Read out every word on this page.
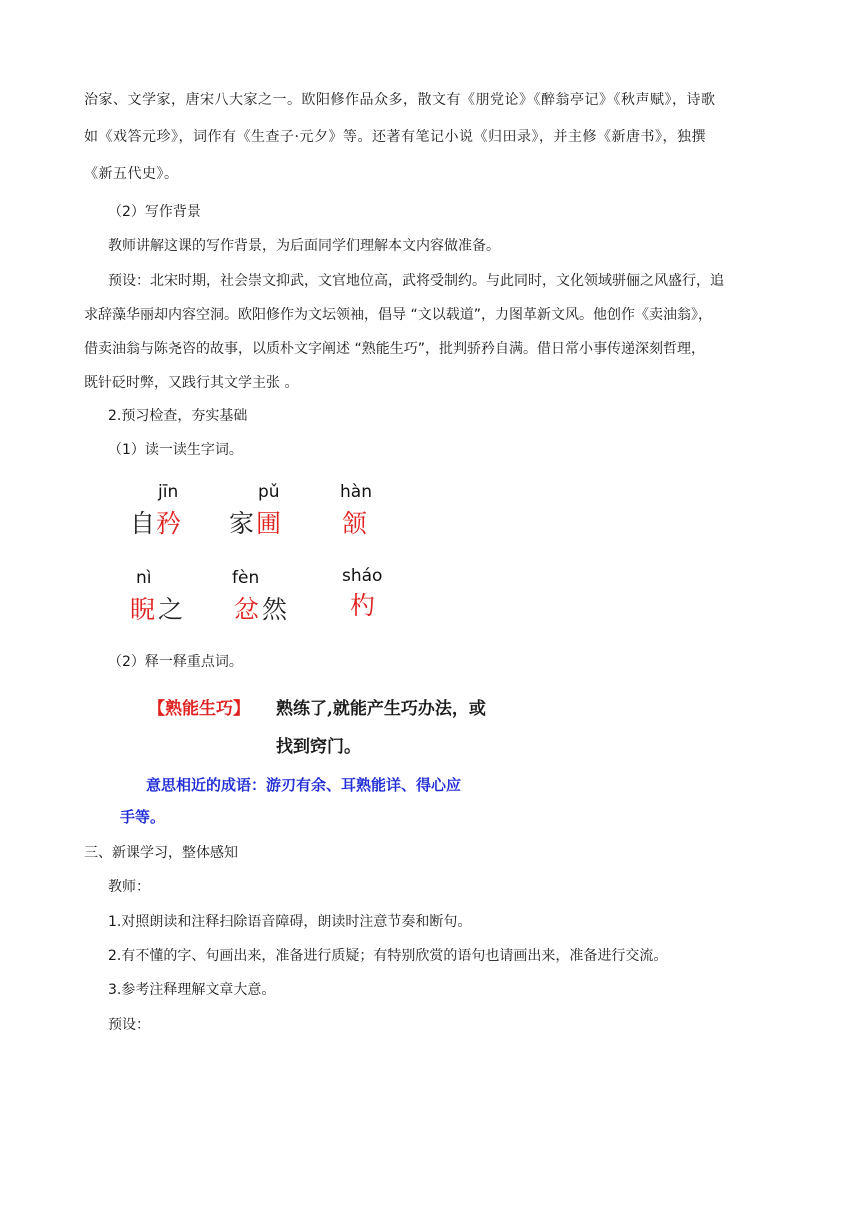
治家、文学家，唐宋八大家之一。欧阳修作品众多，散文有《朋党论》《醉翁亭记》《秋声赋》，诗歌
如《戏答元珍》，词作有《生查子·元夕》等。还著有笔记小说《归田录》，并主修《新唐书》，独撰
《新五代史》。
（2）写作背景
教师讲解这课的写作背景，为后面同学们理解本文内容做准备。
预设：北宋时期，社会崇文抑武，文官地位高，武将受制约。与此同时，文化领域骈俪之风盛行，追
求辞藻华丽却内容空洞。欧阳修作为文坛领袖，倡导 “文以载道”，力图革新文风。他创作《卖油翁》，
借卖油翁与陈尧咨的故事，以质朴文字阐述 “熟能生巧”，批判骄矜自满。借日常小事传递深刻哲理，
既针砭时弊，又践行其文学主张 。
2.预习检查，夯实基础
（1）读一读生字词。
jīn
自 矜
pǔ
家 圃
hàn
颔
nì
睨 之
fèn
忿 然
sháo
杓
（2）释一释重点词。
【熟能生巧】 熟练了,就能产生巧办法，或
找到窍门。
意思相近的成语：游刃有余、耳熟能详、得心应
手等。
三、新课学习，整体感知
教师：
1.对照朗读和注释扫除语音障碍，朗读时注意节奏和断句。
2.有不懂的字、句画出来，准备进行质疑；有特别欣赏的语句也请画出来，准备进行交流。
3.参考注释理解文章大意。
预设：
